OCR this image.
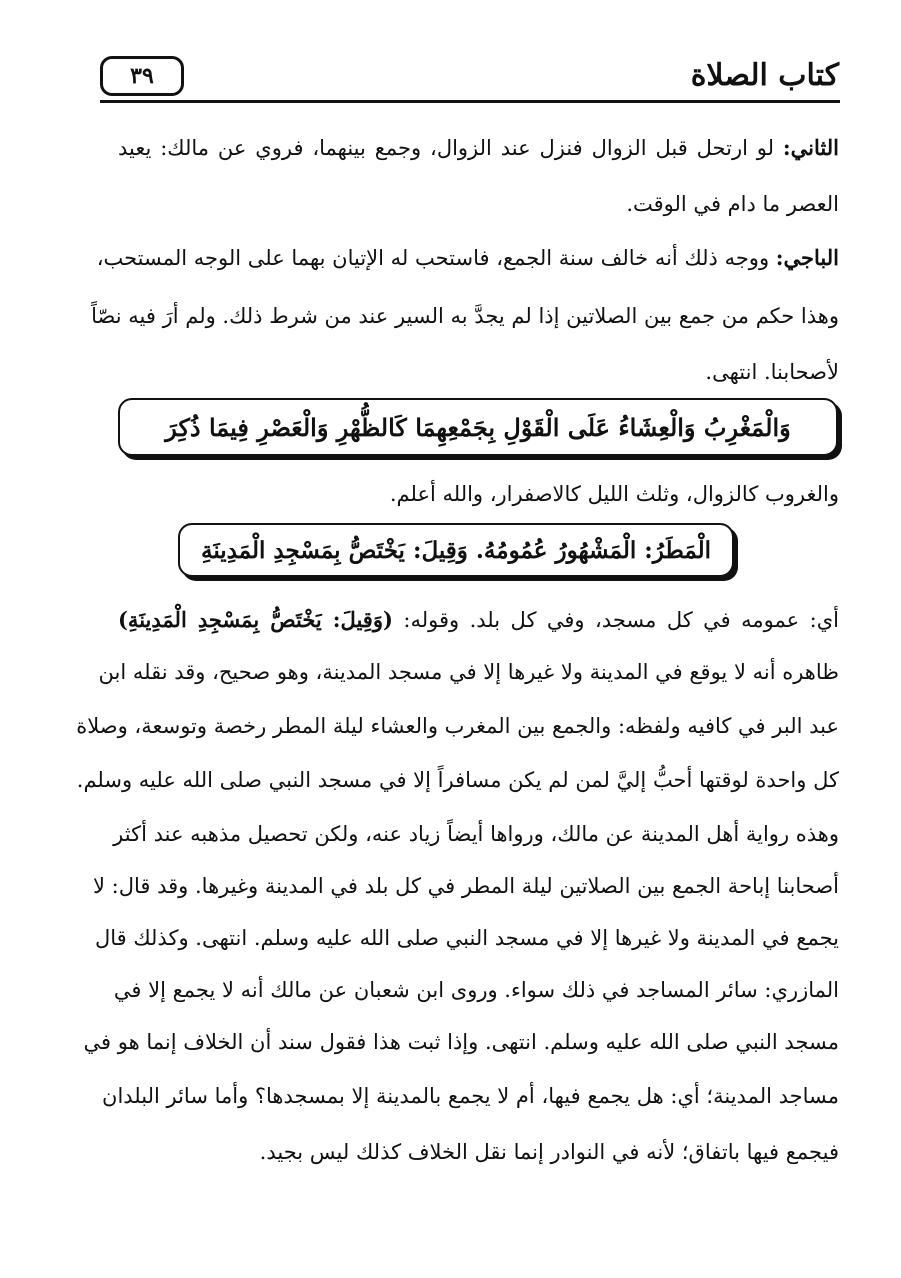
٣٩	كتاب الصلاة
الثاني: لو ارتحل قبل الزوال فنزل عند الزوال، وجمع بينهما، فروي عن مالك: يعيد
العصر ما دام في الوقت.
الباجي: ووجه ذلك أنه خالف سنة الجمع، فاستحب له الإتيان بهما على الوجه المستحب،
وهذا حكم من جمع بين الصلاتين إذا لم يجدَّ به السير عند من شرط ذلك. ولم أرَ فيه نصّاً
لأصحابنا. انتهى.
وَالْمَغْرِبُ وَالْعِشَاءُ عَلَى الْقَوْلِ بِجَمْعِهِمَا كَالظُّهْرِ وَالْعَصْرِ فِيمَا ذُكِرَ
والغروب كالزوال، وثلث الليل كالاصفرار، والله أعلم.
الْمَطَرُ: الْمَشْهُورُ عُمُومُهُ. وَقِيلَ: يَخْتَصُّ بِمَسْجِدِ الْمَدِينَةِ
أي: عمومه في كل مسجد، وفي كل بلد. وقوله: (وَقِيلَ: يَخْتَصُّ بِمَسْجِدِ الْمَدِينَةِ)
ظاهره أنه لا يوقع في المدينة ولا غيرها إلا في مسجد المدينة، وهو صحيح، وقد نقله ابن
عبد البر في كافيه ولفظه: والجمع بين المغرب والعشاء ليلة المطر رخصة وتوسعة، وصلاة
كل واحدة لوقتها أحبُّ إليَّ لمن لم يكن مسافراً إلا في مسجد النبي صلى الله عليه وسلم.
وهذه رواية أهل المدينة عن مالك، ورواها أيضاً زياد عنه، ولكن تحصيل مذهبه عند أكثر
أصحابنا إباحة الجمع بين الصلاتين ليلة المطر في كل بلد في المدينة وغيرها. وقد قال: لا
يجمع في المدينة ولا غيرها إلا في مسجد النبي صلى الله عليه وسلم. انتهى. وكذلك قال
المازري: سائر المساجد في ذلك سواء. وروى ابن شعبان عن مالك أنه لا يجمع إلا في
مسجد النبي صلى الله عليه وسلم. انتهى. وإذا ثبت هذا فقول سند أن الخلاف إنما هو في
مساجد المدينة؛ أي: هل يجمع فيها، أم لا يجمع بالمدينة إلا بمسجدها؟ وأما سائر البلدان
فيجمع فيها باتفاق؛ لأنه في النوادر إنما نقل الخلاف كذلك ليس بجيد.
